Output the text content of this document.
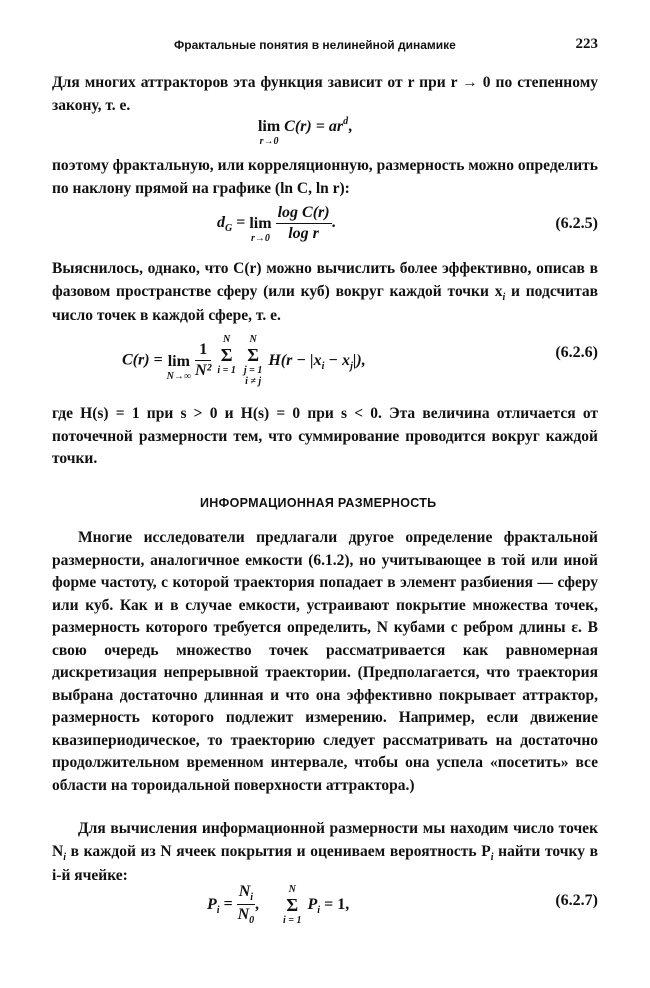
Фрактальные понятия в нелинейной динамике	223

Для многих аттракторов эта функция зависит от r при r → 0 по степенному закону, т. е.

lim
r→0
$C(r) = ar^d$,

поэтому фрактальную, или корреляционную, размерность можно определить по наклону прямой на графике (ln C, ln r):

$d_G = \lim$
r→0
$\frac{\text{log C(r)}}{\text{log r}}$ .	(6.2.5)

Выяснилось, однако, что C(r) можно вычислить более эффективно, описав в фазовом пространстве сферу (или куб) вокруг каждой точки $x_i$ и подсчитав число точек в каждой сфере, т. е.

C(r) = lim
N→∞
$\frac{1}{\text{N²}}$

N
Σ
i = 1

N
Σ
j = 1
i ≠ j
$H(r - |x_i - x_j|)$,	(6.2.6)

где H(s) = 1 при s > 0 и H(s) = 0 при s < 0. Эта величина отличается от поточечной размерности тем, что суммирование проводится вокруг каждой точки.

ИНФОРМАЦИОННАЯ РАЗМЕРНОСТЬ

Многие исследователи предлагали другое определение фрактальной размерности, аналогичное емкости (6.1.2), но учитывающее в той или иной форме частоту, с которой траектория попадает в элемент разбиения — сферу или куб. Как и в случае емкости, устраивают покрытие множества точек, размерность которого требуется определить, N кубами с ребром длины ε. В свою очередь множество точек рассматривается как равномерная дискретизация непрерывной траектории. (Предполагается, что траектория выбрана достаточно длинная и что она эффективно покрывает аттрактор, размерность которого подлежит измерению. Например, если движение квазипериодическое, то траекторию следует рассматривать на достаточно продолжительном временном интервале, чтобы она успела «посетить» все области на тороидальной поверхности аттрактора.)

Для вычисления информационной размерности мы находим число точек $N_i$ в каждой из N ячеек покрытия и оцениваем вероятность $P_i$ найти точку в i-й ячейке:

$P_i = \frac{N_i}{N_0}$ ,
N
Σ
i = 1
$P_i = 1$,	(6.2.7)
